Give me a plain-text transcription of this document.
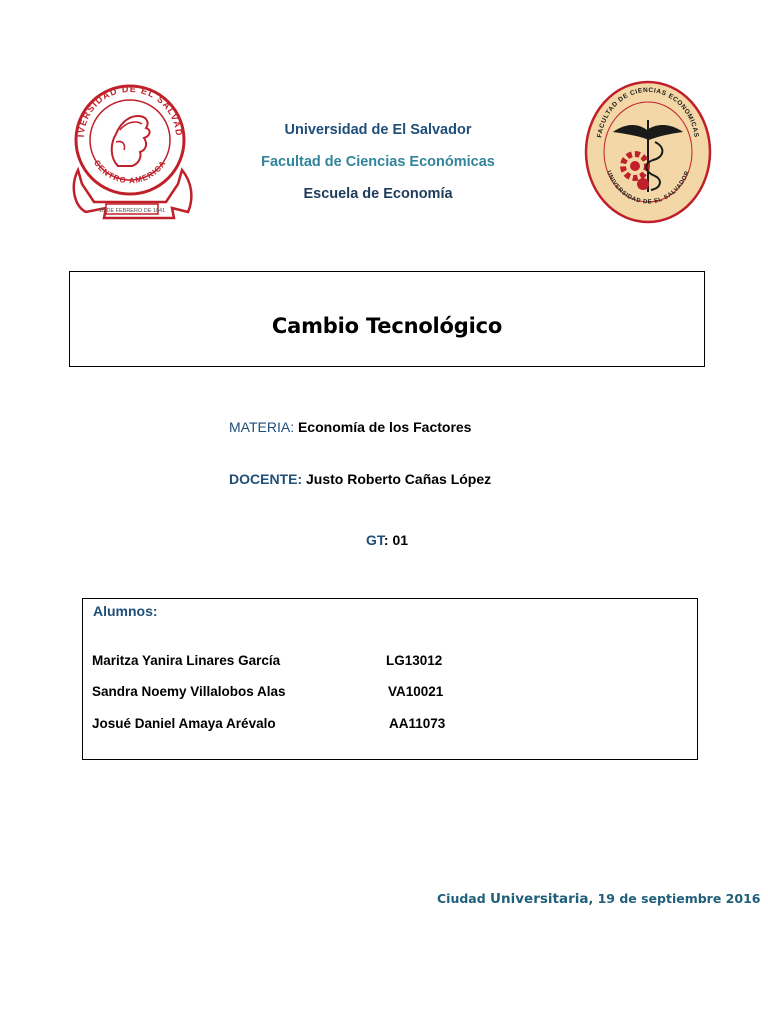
IVERSIDAD DE EL SALVAD
CENTRO AMERICA
16 DE FEBRERO DE 1841
FACULTAD DE CIENCIAS ECONOMICAS
UNIVERSIDAD DE EL SALVADOR
Universidad de El Salvador
Facultad de Ciencias Económicas
Escuela de Economía
Cambio Tecnológico
MATERIA: Economía de los Factores
DOCENTE: Justo Roberto Cañas López
GT: 01
Alumnos:
Maritza Yanira Linares García	LG13012
Sandra Noemy Villalobos Alas	VA10021
Josué Daniel Amaya Arévalo	AA11073
Ciudad Universitaria, 19 de septiembre 2016
